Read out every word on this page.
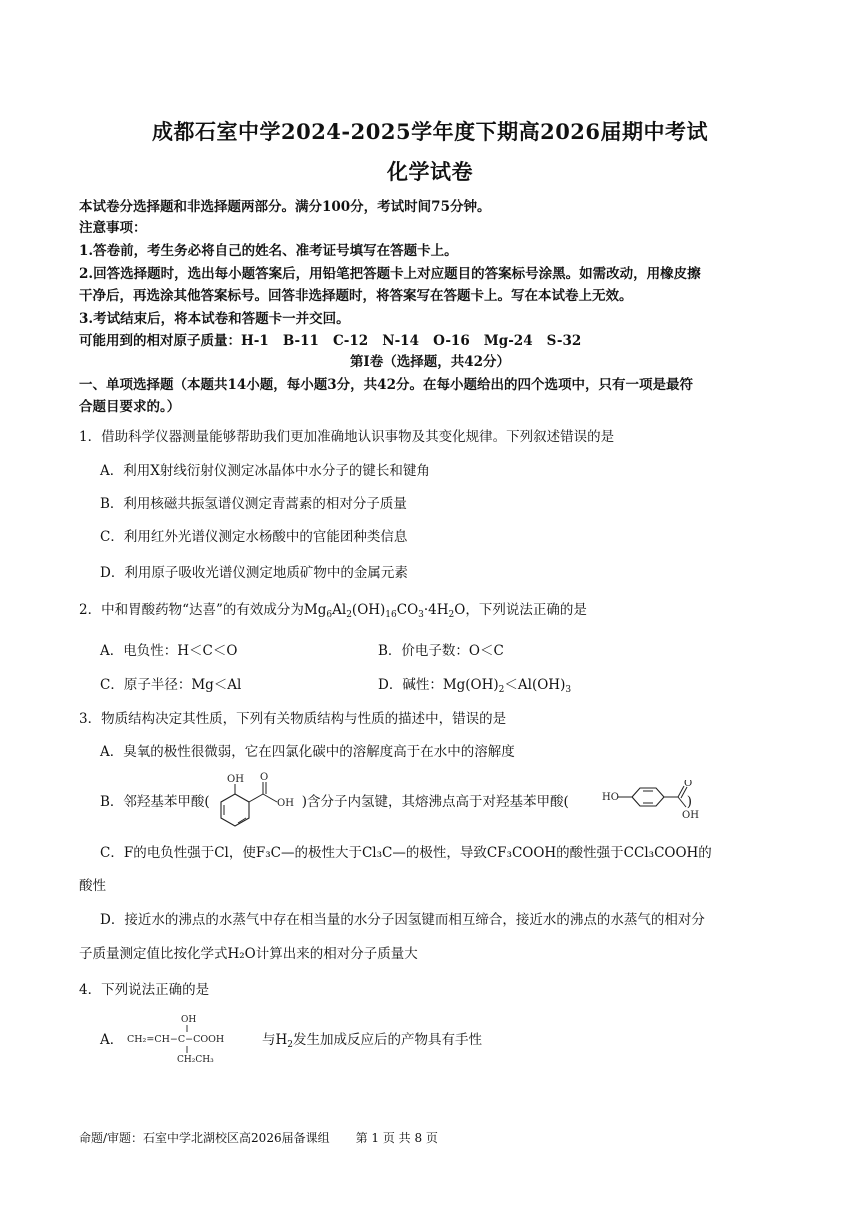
成都石室中学2024-2025学年度下期高2026届期中考试
化学试卷
本试卷分选择题和非选择题两部分。满分100分，考试时间75分钟。
注意事项：
1.答卷前，考生务必将自己的姓名、准考证号填写在答题卡上。
2.回答选择题时，选出每小题答案后，用铅笔把答题卡上对应题目的答案标号涂黑。如需改动，用橡皮擦
干净后，再选涂其他答案标号。回答非选择题时，将答案写在答题卡上。写在本试卷上无效。
3.考试结束后，将本试卷和答题卡一并交回。
可能用到的相对原子质量：H-1   B-11   C-12   N-14   O-16   Mg-24   S-32
第Ⅰ卷（选择题，共42分）
一、单项选择题（本题共14小题，每小题3分，共42分。在每小题给出的四个选项中，只有一项是最符
合题目要求的。）
1．借助科学仪器测量能够帮助我们更加准确地认识事物及其变化规律。下列叙述错误的是
A．利用X射线衍射仪测定冰晶体中水分子的键长和键角
B．利用核磁共振氢谱仪测定青蒿素的相对分子质量
C．利用红外光谱仪测定水杨酸中的官能团种类信息
D．利用原子吸收光谱仪测定地质矿物中的金属元素
2．中和胃酸药物“达喜”的有效成分为$Mg_6Al_2(OH)_{16}CO_3\cdot 4H_2O$，下列说法正确的是
A．电负性：H＜C＜O	B．价电子数：O＜C
C．原子半径：Mg＜Al	D．碱性：$Mg(OH)_2<Al(OH)_3$
3．物质结构决定其性质，下列有关物质结构与性质的描述中，错误的是
A．臭氧的极性很微弱，它在四氯化碳中的溶解度高于在水中的溶解度
B．邻羟基苯甲酸(	)含分子内氢键，其熔沸点高于对羟基苯甲酸(	)
OH O
OH
HO
O
OH
C．F的电负性强于Cl，使F₃C—的极性大于Cl₃C—的极性，导致CF₃COOH的酸性强于CCl₃COOH的
酸性
D．接近水的沸点的水蒸气中存在相当量的水分子因氢键而相互缔合，接近水的沸点的水蒸气的相对分
子质量测定值比按化学式H₂O计算出来的相对分子质量大
4．下列说法正确的是
A．
OH
CH₂=CH−C−COOH
CH₂CH₃
与$H_2$发生加成反应后的产物具有手性
命题/审题：石室中学北湖校区高2026届备课组 第 1 页 共 8 页
